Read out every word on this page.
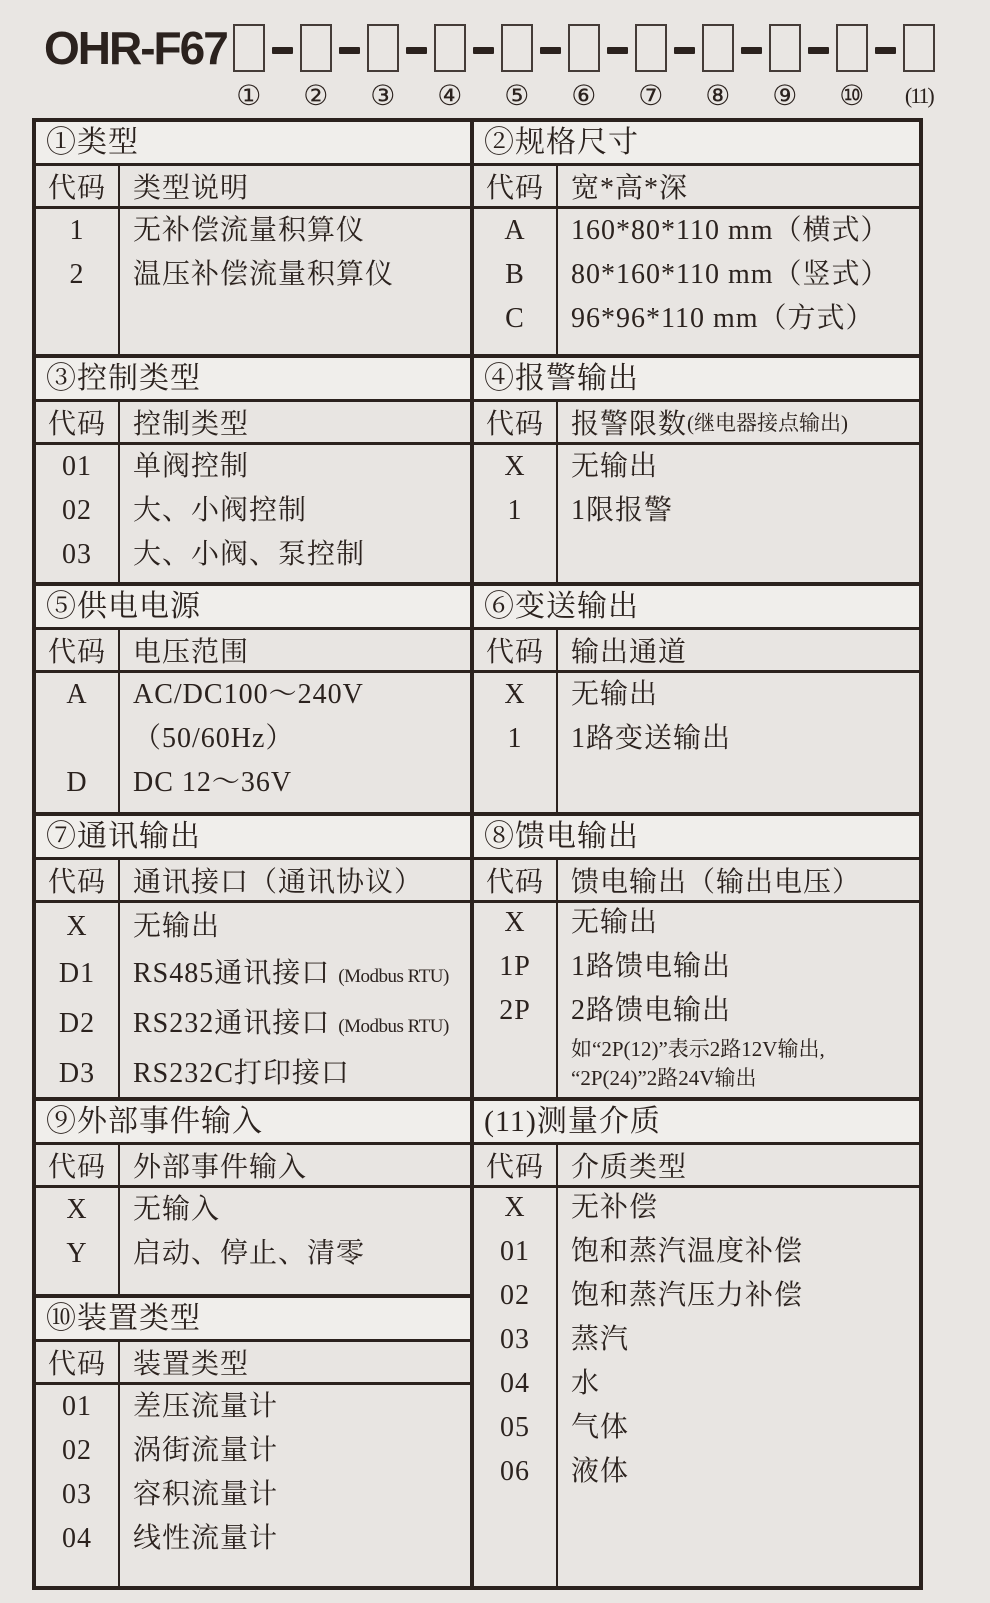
OHR-F67
① ② ③ ④ ⑤ ⑥ ⑦ ⑧ ⑨ ⑩ (11)
①类型
代码 类型说明
1	无补偿流量积算仪
2	温压补偿流量积算仪
③控制类型
代码 控制类型
01	单阀控制
02	大、小阀控制
03	大、小阀、泵控制
⑤供电电源
代码 电压范围
A	AC/DC100～240V
（50/60Hz）
D	DC 12～36V
⑦通讯输出
代码 通讯接口（通讯协议）
X	无输出
D1	RS485通讯接口 (Modbus RTU)
D2	RS232通讯接口 (Modbus RTU)
D3	RS232C打印接口
⑨外部事件输入
代码 外部事件输入
X	无输入
Y	启动、停止、清零
⑩装置类型
代码 装置类型
01	差压流量计
02	涡街流量计
03	容积流量计
04	线性流量计
②规格尺寸
代码 宽*高*深
A	160*80*110 mm（横式）
B	80*160*110 mm（竖式）
C	96*96*110 mm（方式）
④报警输出
代码 报警限数 (继电器接点输出)
X	无输出
1	1限报警
⑥变送输出
代码 输出通道
X	无输出
1	1路变送输出
⑧馈电输出
代码 馈电输出（输出电压）
X	无输出
1P	1路馈电输出
2P	2路馈电输出
如“2P(12)”表示2路12V输出,
“2P(24)”2路24V输出
(11)测量介质
代码 介质类型
X	无补偿
01	饱和蒸汽温度补偿
02	饱和蒸汽压力补偿
03	蒸汽
04	水
05	气体
06	液体
